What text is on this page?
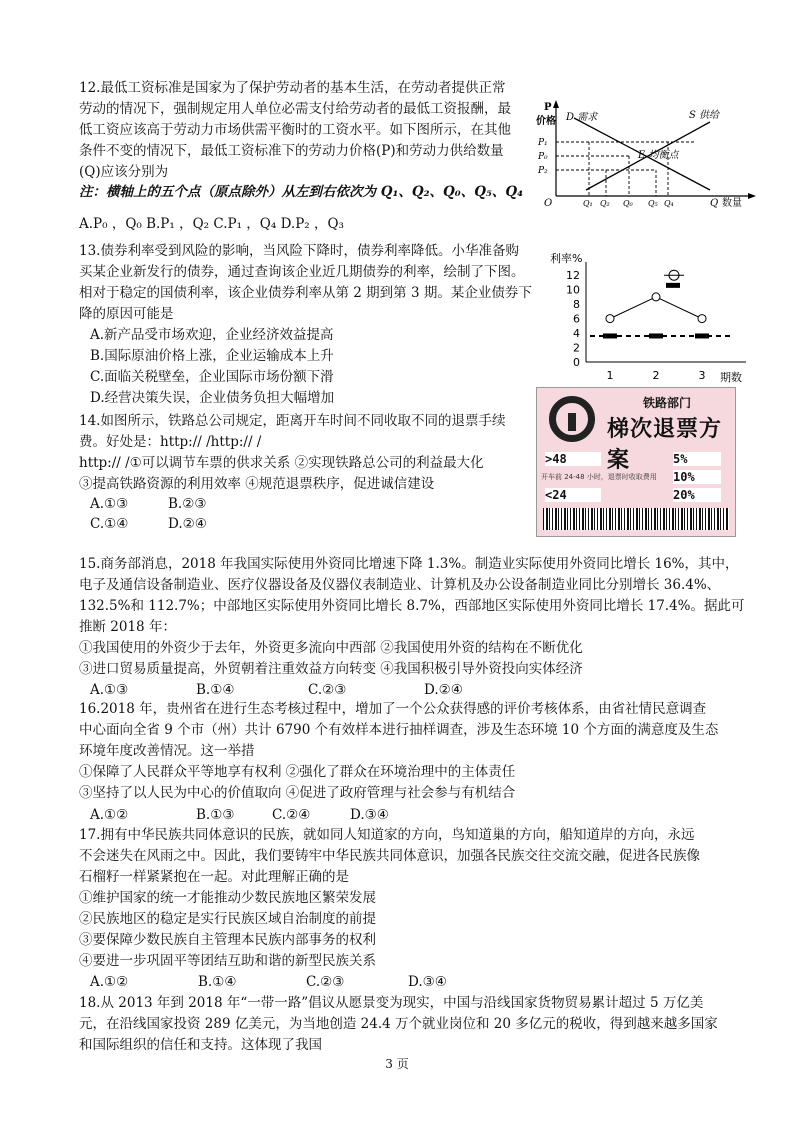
12.最低工资标准是国家为了保护劳动者的基本生活，在劳动者提供正常
劳动的情况下，强制规定用人单位必需支付给劳动者的最低工资报酬，最
低工资应该高于劳动力市场供需平衡时的工资水平。如下图所示，在其他
条件不变的情况下，最低工资标准下的劳动力价格(P)和劳动力供给数量
(Q)应该分别为
注：横轴上的五个点（原点除外）从左到右依次为 Q₁、Q₂、Q₀、Q₅、Q₄
A.P₀ ，Q₀ B.P₁ ，Q₂ C.P₁ ，Q₄ D.P₂ ，Q₃
P
价格
O	Q 数量
D 需求	S 供给
E 均衡点
P₁
P₀
P₂
Q₁ Q₂ Q₀ Q₅ Q₄
13.债券利率受到风险的影响，当风险下降时，债券利率降低。小华准备购
买某企业新发行的债券，通过查询该企业近几期债券的利率，绘制了下图。
相对于稳定的国债利率，该企业债券利率从第 2 期到第 3 期。某企业债券下
降的原因可能是
A.新产品受市场欢迎，企业经济效益提高
B.国际原油价格上涨，企业运输成本上升
C.面临关税壁垒，企业国际市场份额下滑
D.经营决策失误，企业债务负担大幅增加
利率%
期数
0
2
4
6
8
10
12
1	2	3
14.如图所示，铁路总公司规定，距离开车时间不同收取不同的退票手续
费。好处是：http:// /http:// /
http:// /①可以调节车票的供求关系 ②实现铁路总公司的利益最大化
③提高铁路资源的利用效率 ④规范退票秩序，促进诚信建设
A.①③	B.②③
C.①④	D.②④
铁路部门
梯次退票方案
>48	5%
开车前 24-48 小时，退票时收取费用 10%
<24	20%
15.商务部消息，2018 年我国实际使用外资同比增速下降 1.3%。制造业实际使用外资同比增长 16%，其中，
电子及通信设备制造业、医疗仪器设备及仪器仪表制造业、计算机及办公设备制造业同比分别增长 36.4%、
132.5%和 112.7%；中部地区实际使用外资同比增长 8.7%，西部地区实际使用外资同比增长 17.4%。据此可
推断 2018 年：
①我国使用的外资少于去年，外资更多流向中西部 ②我国使用外资的结构在不断优化
③进口贸易质量提高，外贸朝着注重效益方向转变 ④我国积极引导外资投向实体经济
A.①③	B.①④	C.②③	D.②④
16.2018 年，贵州省在进行生态考核过程中，增加了一个公众获得感的评价考核体系，由省社情民意调查
中心面向全省 9 个市（州）共计 6790 个有效样本进行抽样调查，涉及生态环境 10 个方面的满意度及生态
环境年度改善情况。这一举措
①保障了人民群众平等地享有权利 ②强化了群众在环境治理中的主体责任
③坚持了以人民为中心的价值取向 ④促进了政府管理与社会参与有机结合
A.①②	B.①③	C.②④	D.③④
17.拥有中华民族共同体意识的民族，就如同人知道家的方向，鸟知道巢的方向，船知道岸的方向，永远
不会迷失在风雨之中。因此，我们要铸牢中华民族共同体意识，加强各民族交往交流交融，促进各民族像
石榴籽一样紧紧抱在一起。对此理解正确的是
①维护国家的统一才能推动少数民族地区繁荣发展
②民族地区的稳定是实行民族区域自治制度的前提
③要保障少数民族自主管理本民族内部事务的权利
④要进一步巩固平等团结互助和谐的新型民族关系
A.①②	B.①④	C.②③	D.③④
18.从 2013 年到 2018 年“一带一路”倡议从愿景变为现实，中国与沿线国家货物贸易累计超过 5 万亿美
元，在沿线国家投资 289 亿美元，为当地创造 24.4 万个就业岗位和 20 多亿元的税收，得到越来越多国家
和国际组织的信任和支持。这体现了我国
3 页
